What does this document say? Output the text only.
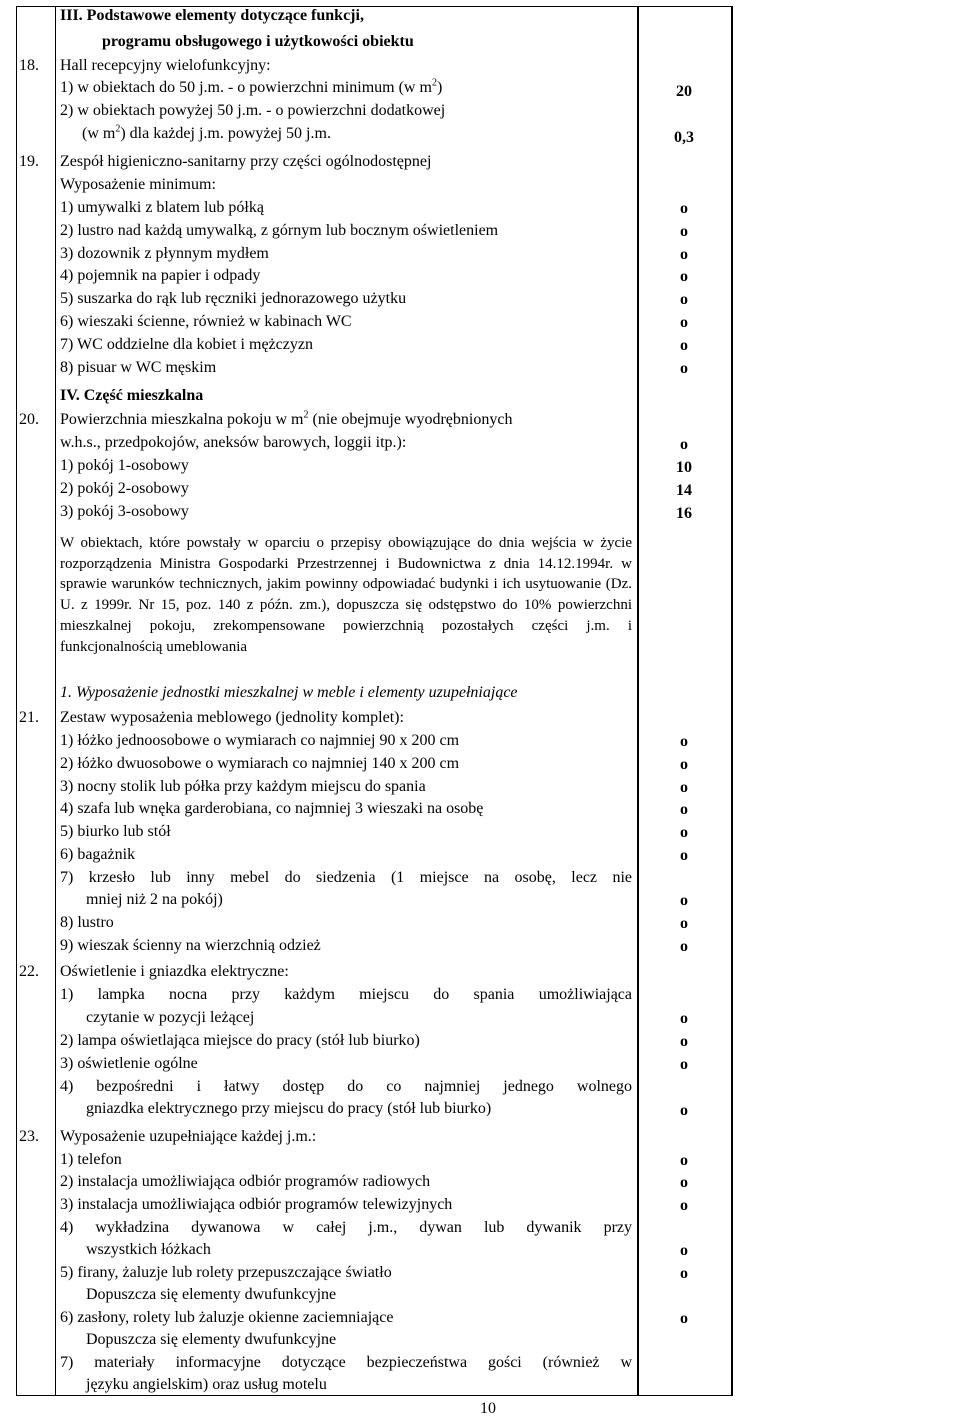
III. Podstawowe elementy dotyczące funkcji,
programu obsługowego i użytkowości obiektu
18. Hall recepcyjny wielofunkcyjny:
1) w obiektach do 50 j.m. - o powierzchni minimum (w $m^2$)
2) w obiektach powyżej 50 j.m. - o powierzchni dodatkowej
(w $m^2$) dla każdej j.m. powyżej 50 j.m.
20
0,3
19. Zespół higieniczno-sanitarny przy części ogólnodostępnej
Wyposażenie minimum:
1) umywalki z blatem lub półką
2) lustro nad każdą umywalką, z górnym lub bocznym oświetleniem
3) dozownik z płynnym mydłem
4) pojemnik na papier i odpady
5) suszarka do rąk lub ręczniki jednorazowego użytku
6) wieszaki ścienne, również w kabinach WC
7) WC oddzielne dla kobiet i mężczyzn
8) pisuar w WC męskim
o
o
o
o
o
o
o
o
IV. Część mieszkalna
20. Powierzchnia mieszkalna pokoju w $m^2$ (nie obejmuje wyodrębnionych
w.h.s., przedpokojów, aneksów barowych, loggii itp.):
1) pokój 1-osobowy
2) pokój 2-osobowy
3) pokój 3-osobowy
o
10
14
16
W obiektach, które powstały w oparciu o przepisy obowiązujące do dnia wejścia w życie rozporządzenia Ministra Gospodarki Przestrzennej i Budownictwa z dnia 14.12.1994r. w sprawie warunków technicznych, jakim powinny odpowiadać budynki i ich usytuowanie (Dz. U. z 1999r. Nr 15, poz. 140 z późn. zm.), dopuszcza się odstępstwo do 10% powierzchni mieszkalnej pokoju, zrekompensowane powierzchnią pozostałych części j.m. i funkcjonalnością umeblowania
1. Wyposażenie jednostki mieszkalnej w meble i elementy uzupełniające
21. Zestaw wyposażenia meblowego (jednolity komplet):
1) łóżko jednoosobowe o wymiarach co najmniej 90 x 200 cm
2) łóżko dwuosobowe o wymiarach co najmniej 140 x 200 cm
3) nocny stolik lub półka przy każdym miejscu do spania
4) szafa lub wnęka garderobiana, co najmniej 3 wieszaki na osobę
5) biurko lub stół
6) bagażnik
7) krzesło lub inny mebel do siedzenia (1 miejsce na osobę, lecz nie
mniej niż 2 na pokój)
8) lustro
9) wieszak ścienny na wierzchnią odzież
o
o
o
o
o
o
o
o
o
22. Oświetlenie i gniazdka elektryczne:
1) lampka nocna przy każdym miejscu do spania umożliwiająca
czytanie w pozycji leżącej
2) lampa oświetlająca miejsce do pracy (stół lub biurko)
3) oświetlenie ogólne
4) bezpośredni i łatwy dostęp do co najmniej jednego wolnego
gniazdka elektrycznego przy miejscu do pracy (stół lub biurko)
o
o
o
o
23. Wyposażenie uzupełniające każdej j.m.:
1) telefon
2) instalacja umożliwiająca odbiór programów radiowych
3) instalacja umożliwiająca odbiór programów telewizyjnych
4) wykładzina dywanowa w całej j.m., dywan lub dywanik przy
wszystkich łóżkach
5) firany, żaluzje lub rolety przepuszczające światło
Dopuszcza się elementy dwufunkcyjne
6) zasłony, rolety lub żaluzje okienne zaciemniające
Dopuszcza się elementy dwufunkcyjne
7) materiały informacyjne dotyczące bezpieczeństwa gości (również w
języku angielskim) oraz usług motelu
o
o
o
o
o
o
10
